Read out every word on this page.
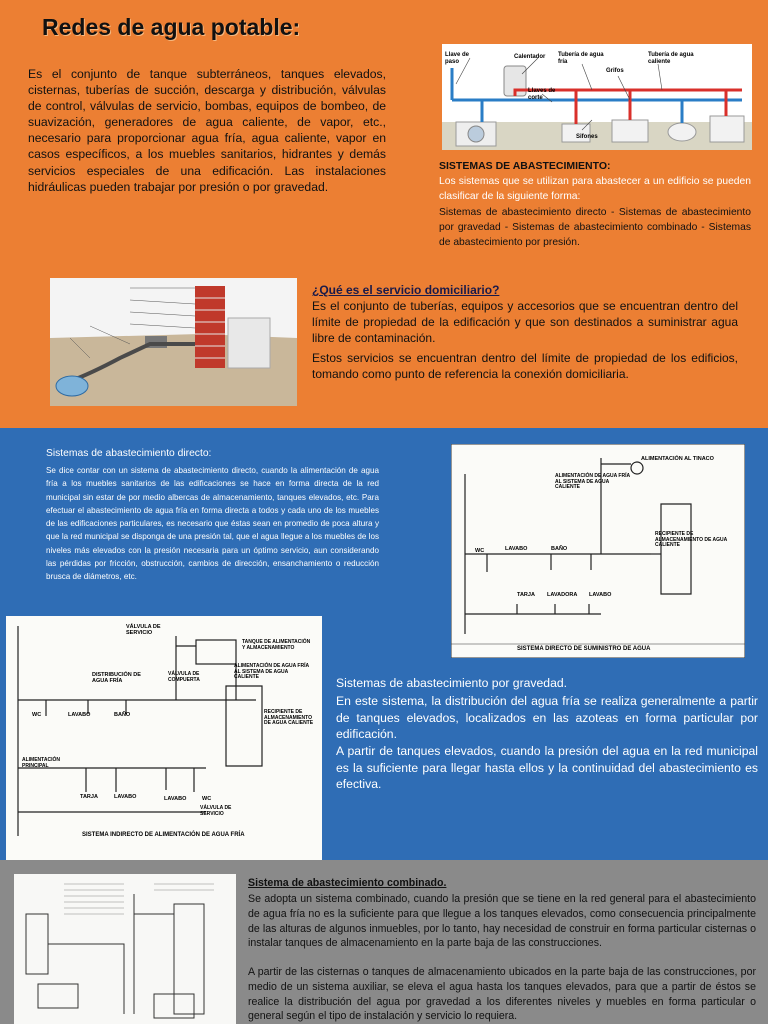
Redes de agua potable:
Es el conjunto de tanque subterráneos, tanques elevados, cisternas, tuberías de succión, descarga y distribución, válvulas de control, válvulas de servicio, bombas, equipos de bombeo, de suavización, generadores de agua caliente, de vapor, etc., necesario para proporcionar agua fría, agua caliente, vapor en casos específicos, a los muebles sanitarios, hidrantes y demás servicios especiales de una edificación. Las instalaciones hidráulicas pueden trabajar por presión o por gravedad.
Llave de paso
Calentador Tubería de agua fría
Tubería de agua caliente
Grifos
Llaves de corte
Sifones
SISTEMAS DE ABASTECIMIENTO:
Los sistemas que se utilizan para abastecer a un edificio se pueden clasificar de la siguiente forma:
Sistemas de abastecimiento directo - Sistemas de abastecimiento por gravedad - Sistemas de abastecimiento combinado - Sistemas de abastecimiento por presión.
¿Qué es el servicio domiciliario?
Es el conjunto de tuberías, equipos y accesorios que se encuentran dentro del límite de propiedad de la edificación y que son destinados a suministrar agua libre de contaminación.
Estos servicios se encuentran dentro del límite de propiedad de los edificios, tomando como punto de referencia la conexión domiciliaria.
Sistemas de abastecimiento directo:
Se dice contar con un sistema de abastecimiento directo, cuando la alimentación de agua fría a los muebles sanitarios de las edificaciones se hace en forma directa de la red municipal sin estar de por medio albercas de almacenamiento, tanques elevados, etc. Para efectuar el abastecimiento de agua fría en forma directa a todos y cada uno de los muebles de las edificaciones particulares, es necesario que éstas sean en promedio de poca altura y que la red municipal se disponga de una presión tal, que el agua llegue a los muebles de los niveles más elevados con la presión necesaria para un óptimo servicio, aun considerando las pérdidas por fricción, obstrucción, cambios de dirección, ensanchamiento o reducción brusca de diámetros, etc.
ALIMENTACIÓN AL TINACO
ALIMENTACIÓN DE AGUA FRÍA AL SISTEMA DE AGUA CALIENTE
RECIPIENTE DE ALMACENAMIENTO DE AGUA CALIENTE
WC	LAVABO	BAÑO
TARJA LAVADORA LAVABO
SISTEMA DIRECTO DE SUMINISTRO DE AGUA
VÁLVULA DE SERVICIO
TANQUE DE ALIMENTACIÓN Y ALMACENAMIENTO
DISTRIBUCIÓN DE AGUA FRÍA
VÁLVULA DE COMPUERTA
ALIMENTACIÓN DE AGUA FRÍA AL SISTEMA DE AGUA CALIENTE
RECIPIENTE DE ALMACENAMIENTO DE AGUA CALIENTE
WC	LAVABO	BAÑO
ALIMENTACIÓN PRINCIPAL
TARJA	LAVABO	LAVABO	WC
VÁLVULA DE SERVICIO
SISTEMA INDIRECTO DE ALIMENTACIÓN DE AGUA FRÍA
Sistemas de abastecimiento por gravedad.
En este sistema, la distribución del agua fría se realiza generalmente a partir de tanques elevados, localizados en las azoteas en forma particular por edificación.
A partir de tanques elevados, cuando la presión del agua en la red municipal es la suficiente para llegar hasta ellos y la continuidad del abastecimiento es efectiva.
Sistema de abastecimiento combinado.
Se adopta un sistema combinado, cuando la presión que se tiene en la red general para el abastecimiento de agua fría no es la suficiente para que llegue a los tanques elevados, como consecuencia principalmente de las alturas de algunos inmuebles, por lo tanto, hay necesidad de construir en forma particular cisternas o instalar tanques de almacenamiento en la parte baja de las construcciones.
A partir de las cisternas o tanques de almacenamiento ubicados en la parte baja de las construcciones, por medio de un sistema auxiliar, se eleva el agua hasta los tanques elevados, para que a partir de éstos se realice la distribución del agua por gravedad a los diferentes niveles y muebles en forma particular o general según el tipo de instalación y servicio lo requiera.
